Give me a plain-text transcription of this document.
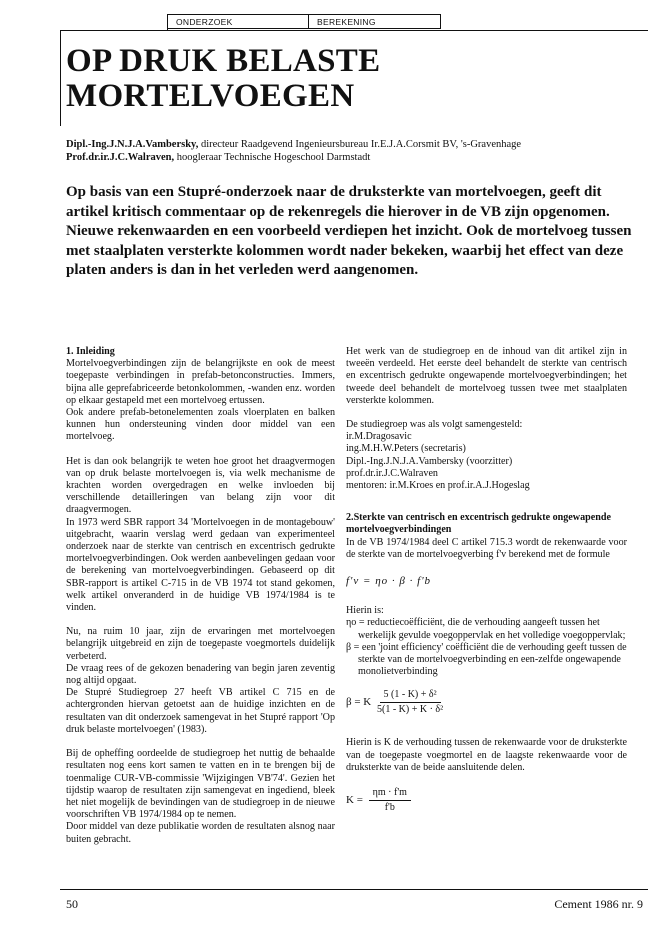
ONDERZOEK	BEREKENING
OP DRUK BELASTE
MORTELVOEGEN
Dipl.-Ing.J.N.J.A.Vambersky, directeur Raadgevend Ingenieursbureau Ir.E.J.A.Corsmit BV, 's-Gravenhage
Prof.dr.ir.J.C.Walraven, hoogleraar Technische Hogeschool Darmstadt
Op basis van een Stupré-onderzoek naar de druksterkte van mortelvoegen, geeft dit artikel kritisch commentaar op de rekenregels die hierover in de VB zijn opgenomen. Nieuwe rekenwaarden en een voorbeeld verdiepen het inzicht. Ook de mortelvoeg tussen met staalplaten versterkte kolommen wordt nader bekeken, waarbij het effect van deze platen anders is dan in het verleden werd aangenomen.
1. Inleiding

Mortelvoegverbindingen zijn de belangrijkste en ook de meest toegepaste verbindingen in prefab-betonconstructies. Immers, bijna alle geprefabriceerde betonkolommen, -wanden enz. worden op elkaar gestapeld met een mortelvoeg ertussen.

Ook andere prefab-betonelementen zoals vloerplaten en balken kunnen hun ondersteuning vinden door middel van een mortelvoeg.

Het is dan ook belangrijk te weten hoe groot het draagvermogen van op druk belaste mortelvoegen is, via welk mechanisme de krachten worden overgedragen en welke invloeden bij verschillende detailleringen van belang zijn voor dit draagvermogen.

In 1973 werd SBR rapport 34 'Mortelvoegen in de montagebouw' uitgebracht, waarin verslag werd gedaan van experimenteel onderzoek naar de sterkte van centrisch en excentrisch gedrukte mortelvoegverbindingen. Ook werden aanbevelingen gedaan voor de berekening van mortelvoegverbindingen. Gebaseerd op dit SBR-rapport is artikel C-715 in de VB 1974 tot stand gekomen, welk artikel onveranderd in de huidige VB 1974/1984 is te vinden.

Nu, na ruim 10 jaar, zijn de ervaringen met mortelvoegen belangrijk uitgebreid en zijn de toegepaste voegmortels duidelijk verbeterd.

De vraag rees of de gekozen benadering van begin jaren zeventig nog altijd opgaat.

De Stupré Studiegroep 27 heeft VB artikel C 715 en de achtergronden hiervan getoetst aan de huidige inzichten en de resultaten van dit onderzoek samengevat in het Stupré rapport 'Op druk belaste mortelvoegen' (1983).

Bij de opheffing oordeelde de studiegroep het nuttig de behaalde resultaten nog eens kort samen te vatten en in te brengen bij de toenmalige CUR-VB-commissie 'Wijzigingen VB'74'. Gezien het tijdstip waarop de resultaten zijn samengevat en ingediend, bleek het niet mogelijk de bevindingen van de studiegroep in de nieuwe voorschriften VB 1974/1984 op te nemen.

Door middel van deze publikatie worden de resultaten alsnog naar buiten gebracht.

Het werk van de studiegroep en de inhoud van dit artikel zijn in tweeën verdeeld. Het eerste deel behandelt de sterkte van centrisch en excentrisch gedrukte ongewapende mortelvoegverbindingen; het tweede deel behandelt de mortelvoeg tussen twee met staalplaten versterkte kolommen.

De studiegroep was als volgt samengesteld:
ir.M.Dragosavic
ing.M.H.W.Peters (secretaris)
Dipl.-Ing.J.N.J.A.Vambersky (voorzitter)
prof.dr.ir.J.C.Walraven
mentoren: ir.M.Kroes en prof.ir.A.J.Hogeslag
2.Sterkte van centrisch en excentrisch gedrukte ongewapende mortelvoegverbindingen
In de VB 1974/1984 deel C artikel 715.3 wordt de rekenwaarde voor de sterkte van de mortelvoegverbing f'v berekend met de formule
f'v = ηo · β · f'b
Hierin is:
ηo = reductiecoëfficiënt, die de verhouding aangeeft tussen het werkelijk gevulde voegoppervlak en het volledige voegoppervlak;
β = een 'joint efficiency' coëfficiënt die de verhouding geeft tussen de sterkte van de mortelvoegverbinding en een-zelfde ongewapende monolietverbinding
β = K $\frac{\text{5 (1 - K) + δ²}}{\text{5(1 - K) + K · δ²}}$

Hierin is K de verhouding tussen de rekenwaarde voor de druksterkte van de toegepaste voegmortel en de laagste rekenwaarde voor de druksterkte van de beide aansluitende delen.

$K = \frac{\eta m \cdot f'm}{f'b}$
50	Cement 1986 nr. 9
